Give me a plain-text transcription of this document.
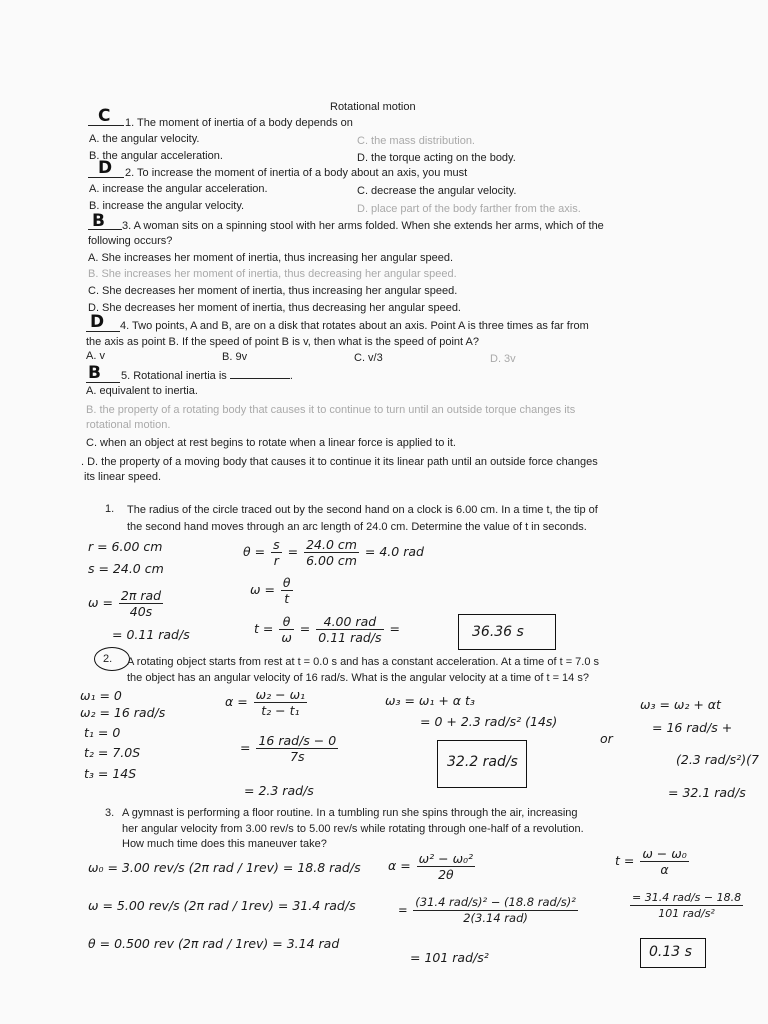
Rotational motion
C 1. The moment of inertia of a body depends on
A. the angular velocity.	C. the mass distribution.
B. the angular acceleration.	D. the torque acting on the body.
D 2. To increase the moment of inertia of a body about an axis, you must
A. increase the angular acceleration.	C. decrease the angular velocity.
B. increase the angular velocity.	D. place part of the body farther from the axis.
B 3. A woman sits on a spinning stool with her arms folded. When she extends her arms, which of the
following occurs?
A. She increases her moment of inertia, thus increasing her angular speed.
B. She increases her moment of inertia, thus decreasing her angular speed.
C. She decreases her moment of inertia, thus increasing her angular speed.
D. She decreases her moment of inertia, thus decreasing her angular speed.
D 4. Two points, A and B, are on a disk that rotates about an axis. Point A is three times as far from
the axis as point B. If the speed of point B is v, then what is the speed of point A?
A. v	B. 9v	C. v/3	D. 3v
B 5. Rotational inertia is	.
A. equivalent to inertia.
B. the property of a rotating body that causes it to continue to turn until an outside torque changes its
rotational motion.
C. when an object at rest begins to rotate when a linear force is applied to it.
. D. the property of a moving body that causes it to continue it its linear path until an outside force changes
its linear speed.
1. The radius of the circle traced out by the second hand on a clock is 6.00 cm. In a time t, the tip of
the second hand moves through an arc length of 24.0 cm. Determine the value of t in seconds.
r = 6.00 cm
s = 24.0 cm
$\omega = \frac{\text{2π rad}}{40s}$
= 0.11 rad/s
$\theta = \frac{s}{r} = \frac{24.0 cm}{6.00 cm} = 4.0$ rad
$\omega = \frac{\theta}{t}$
$t = \frac{\theta}{\omega} = \frac{\text{4.00 rad}}{\text{0.11 rad/s}}$ =	36.36 s
2. A rotating object starts from rest at t = 0.0 s and has a constant acceleration. At a time of t = 7.0 s
the object has an angular velocity of 16 rad/s. What is the angular velocity at a time of t = 14 s?
ω₁ = 0
ω₂ = 16 rad/s
t₁ = 0
t₂ = 7.0S
t₃ = 14S
$\alpha = \frac{\text{ω₂ − ω₁}}{\text{t₂ − t₁}}$
= $\frac{\text{16 rad/s − 0}}{7s}$
= 2.3 rad/s
ω₃ = ω₁ + α t₃
= 0 + 2.3 rad/s² (14s)
32.2 rad/s
or
ω₃ = ω₂ + αt
= 16 rad/s +
(2.3 rad/s²)(7
= 32.1 rad/s
3. A gymnast is performing a floor routine. In a tumbling run she spins through the air, increasing
her angular velocity from 3.00 rev/s to 5.00 rev/s while rotating through one-half of a revolution.
How much time does this maneuver take?
ω₀ = 3.00 rev/s (2π rad / 1rev) = 18.8 rad/s
ω = 5.00 rev/s (2π rad / 1rev) = 31.4 rad/s
θ = 0.500 rev (2π rad / 1rev) = 3.14 rad
$\alpha = \frac{\text{ω² − ω₀²}}{2\theta}$
= $\frac{\text{(31.4 rad/s)² − (18.8 rad/s)²}}{\text{2(3.14 rad)}}$
= 101 rad/s²
$t = \frac{\text{ω − ω₀}}{\alpha}$
$\frac{\text{= 31.4 rad/s − 18.8}}{\text{101 rad/s²}}$
0.13 s
